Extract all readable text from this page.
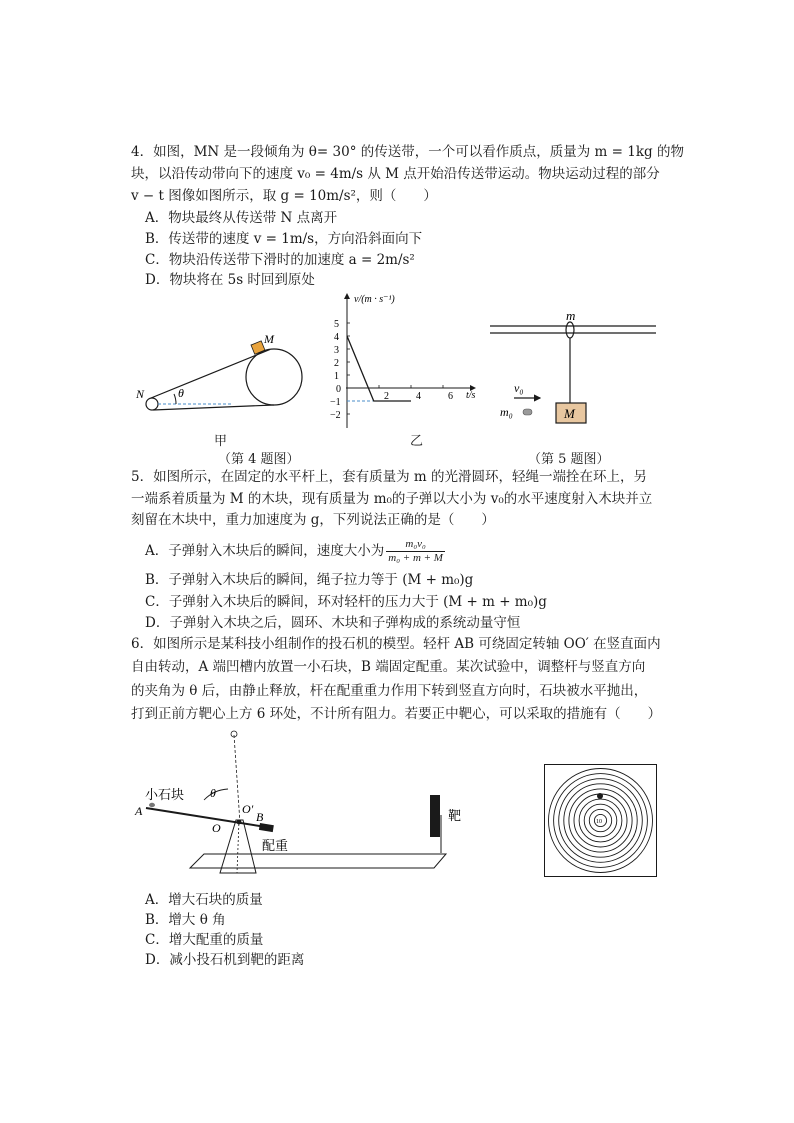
4．如图，MN 是一段倾角为 θ= 30° 的传送带，一个可以看作质点，质量为 m = 1kg 的物
块，以沿传动带向下的速度 v₀ = 4m/s 从 M 点开始沿传送带运动。物块运动过程的部分
v − t 图像如图所示，取 g = 10m/s²，则（　　）
A．物块最终从传送带 N 点离开
B．传送带的速度 v = 1m/s，方向沿斜面向下
C．物块沿传送带下滑时的加速度 a = 2m/s²
D．物块将在 5s 时回到原处
M
N	θ
甲
v/(m · s⁻¹)
t/s
5
4
3
2
1
0
−1
−2
2	4	6
乙
m
v₀
m₀	M
（第 4 题图）	（第 5 题图）
5．如图所示，在固定的水平杆上，套有质量为 m 的光滑圆环，轻绳一端拴在环上，另
一端系着质量为 M 的木块，现有质量为 m₀的子弹以大小为 v₀的水平速度射入木块并立
刻留在木块中，重力加速度为 g，下列说法正确的是（　　）
A．子弹射入木块后的瞬间，速度大小为 $\frac{\text{m₀v₀}}{\text{m₀ + m + M}}$
B．子弹射入木块后的瞬间，绳子拉力等于 (M + m₀)g
C．子弹射入木块后的瞬间，环对轻杆的压力大于 (M + m + m₀)g
D．子弹射入木块之后，圆环、木块和子弹构成的系统动量守恒
6．如图所示是某科技小组制作的投石机的模型。轻杆 AB 可绕固定转轴 OO′ 在竖直面内
自由转动，A 端凹槽内放置一小石块，B 端固定配重。某次试验中，调整杆与竖直方向
的夹角为 θ 后，由静止释放，杆在配重重力作用下转到竖直方向时，石块被水平抛出，
打到正前方靶心上方 6 环处，不计所有阻力。若要正中靶心，可以采取的措施有（　　）
小石块
A	B
O
O′
θ
配重
靶	10
A．增大石块的质量
B．增大 θ 角
C．增大配重的质量
D．减小投石机到靶的距离
